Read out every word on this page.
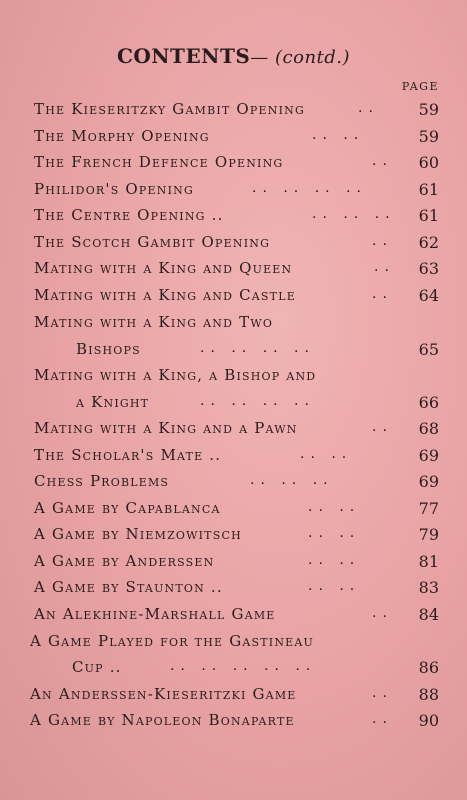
CONTENTS— (contd.)
PAGE
The Kieseritzky Gambit Opening	..	59
The Morphy Opening	.. ..	59
The French Defence Opening	..	60
Philidor's Opening	.. .. .. ..	61
The Centre Opening ..	.. .. ..	61
The Scotch Gambit Opening	..	62
Mating with a King and Queen	..	63
Mating with a King and Castle	..	64
Mating with a King and Two
Bishops	.. .. .. ..	65
Mating with a King, a Bishop and
a Knight	.. .. .. ..	66
Mating with a King and a Pawn	..	68
The Scholar's Mate ..	.. ..	69
Chess Problems	.. .. ..	69
A Game by Capablanca	.. ..	77
A Game by Niemzowitsch	.. ..	79
A Game by Anderssen	.. ..	81
A Game by Staunton ..	.. ..	83
An Alekhine-Marshall Game	..	84
A Game Played for the Gastineau
Cup ..	.. .. .. .. ..	86
An Anderssen-Kieseritzki Game	..	88
A Game by Napoleon Bonaparte	..	90
